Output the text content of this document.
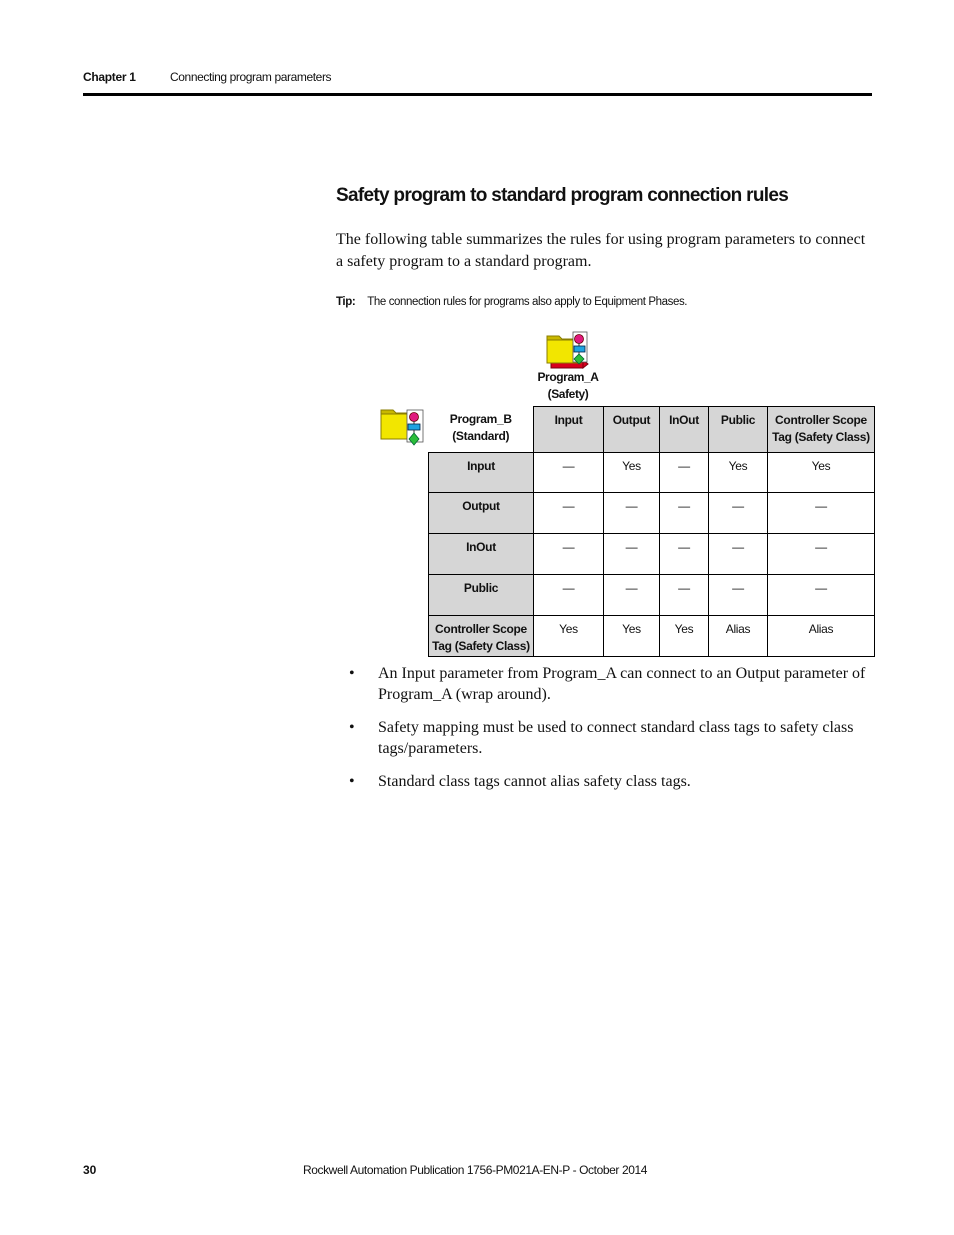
Chapter 1	Connecting program parameters
Safety program to standard program connection rules

The following table summarizes the rules for using program parameters to connect a safety program to a standard program.

Tip: The connection rules for programs also apply to Equipment Phases.
Program_A
(Safety)
Program_B
(Standard)	Input	Output	InOut	Public	Controller Scope Tag (Safety Class)
Input	—	Yes	—	Yes	Yes
Output	—	—	—	—	—
InOut	—	—	—	—	—
Public	—	—	—	—	—
Controller Scope Tag (Safety Class)	Yes	Yes	Yes	Alias	Alias
• An Input parameter from Program_A can connect to an Output parameter of Program_A (wrap around).
• Safety mapping must be used to connect standard class tags to safety class tags/parameters.
• Standard class tags cannot alias safety class tags.
30	Rockwell Automation Publication 1756-PM021A-EN-P - October 2014
